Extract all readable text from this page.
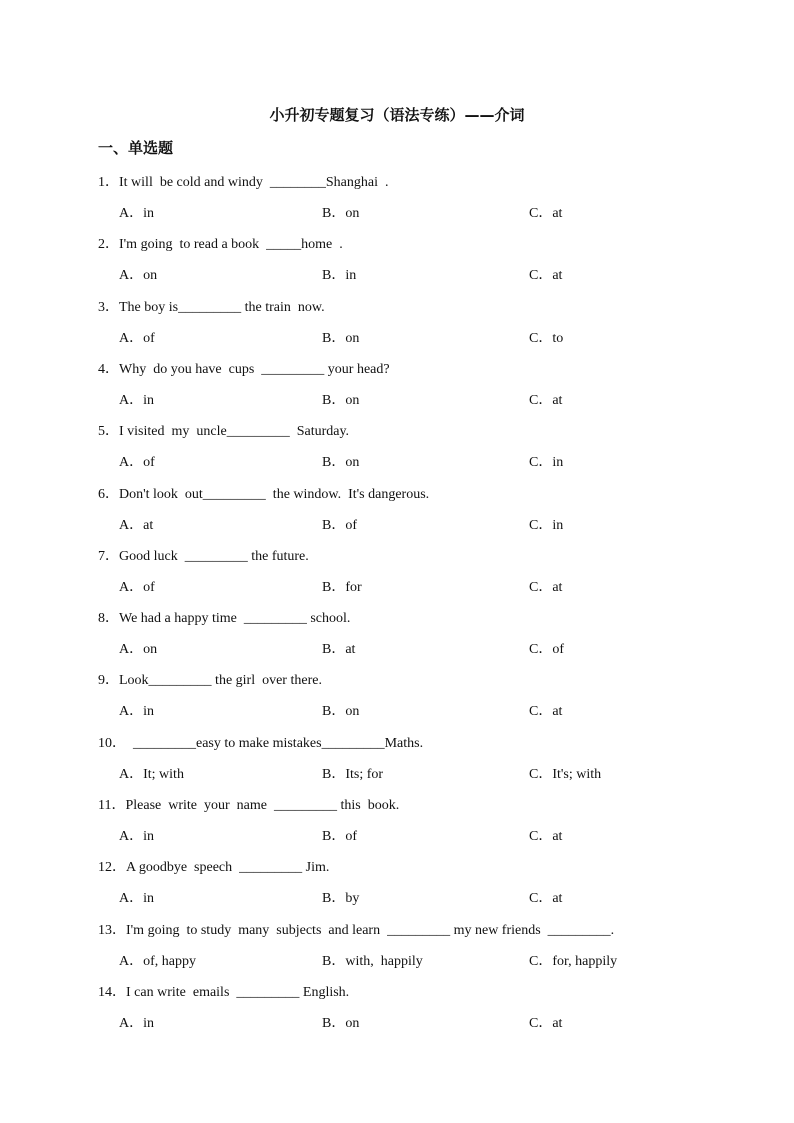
小升初专题复习（语法专练）——介词
一、单选题
1．It will  be cold and windy  ________Shanghai  .
A．in	B．on	C．at
2．I'm going  to read a book  _____home  .
A．on	B．in	C．at
3．The boy is_________ the train  now.
A．of	B．on	C．to
4．Why  do you have  cups  _________ your head?
A．in	B．on	C．at
5．I visited  my  uncle_________  Saturday.
A．of	B．on	C．in
6．Don't look  out_________  the window.  It's dangerous.
A．at	B．of	C．in
7．Good luck  _________ the future.
A．of	B．for	C．at
8．We had a happy time  _________ school.
A．on	B．at	C．of
9．Look_________ the girl  over there.
A．in	B．on	C．at
10．  _________easy to make mistakes_________Maths.
A．It; with	B．Its; for	C．It's; with
11．Please  write  your  name  _________ this  book.
A．in	B．of	C．at
12．A goodbye  speech  _________ Jim.
A．in	B．by	C．at
13．I'm going  to study  many  subjects  and learn  _________ my new friends  _________.
A．of, happy	B．with,  happily	C．for, happily
14．I can write  emails  _________ English.
A．in	B．on	C．at
